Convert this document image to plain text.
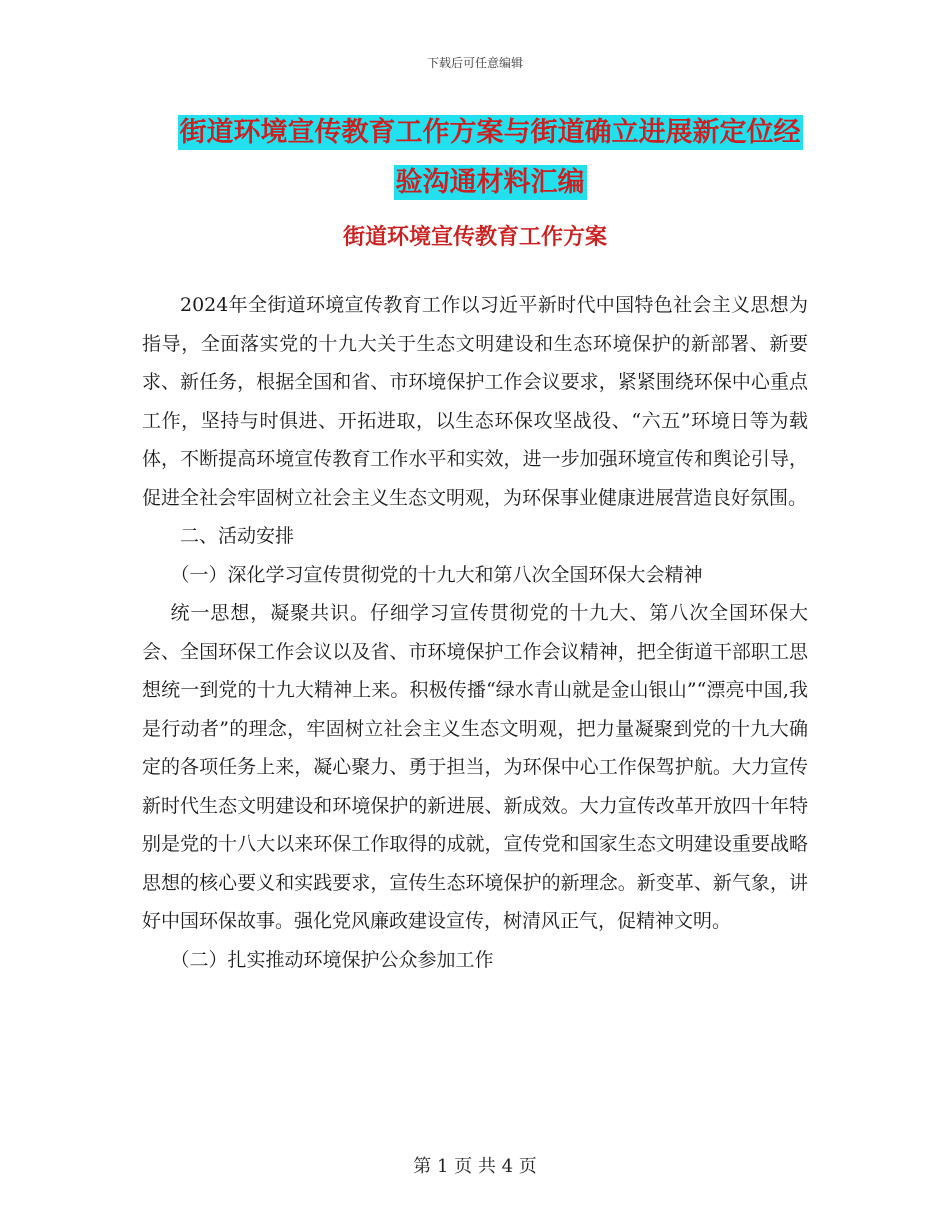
下载后可任意编辑
街道环境宣传教育工作方案与街道确立进展新定位经
验沟通材料汇编
街道环境宣传教育工作方案

2024年全街道环境宣传教育工作以习近平新时代中国特色社会主义思想为指导，全面落实党的十九大关于生态文明建设和生态环境保护的新部署、新要求、新任务，根据全国和省、市环境保护工作会议要求，紧紧围绕环保中心重点工作，坚持与时俱进、开拓进取，以生态环保攻坚战役、“六五”环境日等为载体，不断提高环境宣传教育工作水平和实效，进一步加强环境宣传和舆论引导，促进全社会牢固树立社会主义生态文明观，为环保事业健康进展营造良好氛围。

二、活动安排

（一）深化学习宣传贯彻党的十九大和第八次全国环保大会精神

统一思想，凝聚共识。仔细学习宣传贯彻党的十九大、第八次全国环保大会、全国环保工作会议以及省、市环境保护工作会议精神，把全街道干部职工思想统一到党的十九大精神上来。积极传播“绿水青山就是金山银山”“漂亮中国,我是行动者”的理念，牢固树立社会主义生态文明观，把力量凝聚到党的十九大确定的各项任务上来，凝心聚力、勇于担当，为环保中心工作保驾护航。大力宣传新时代生态文明建设和环境保护的新进展、新成效。大力宣传改革开放四十年特别是党的十八大以来环保工作取得的成就，宣传党和国家生态文明建设重要战略思想的核心要义和实践要求，宣传生态环境保护的新理念。新变革、新气象，讲好中国环保故事。强化党风廉政建设宣传，树清风正气，促精神文明。

（二）扎实推动环境保护公众参加工作

第 1 页 共 4 页
